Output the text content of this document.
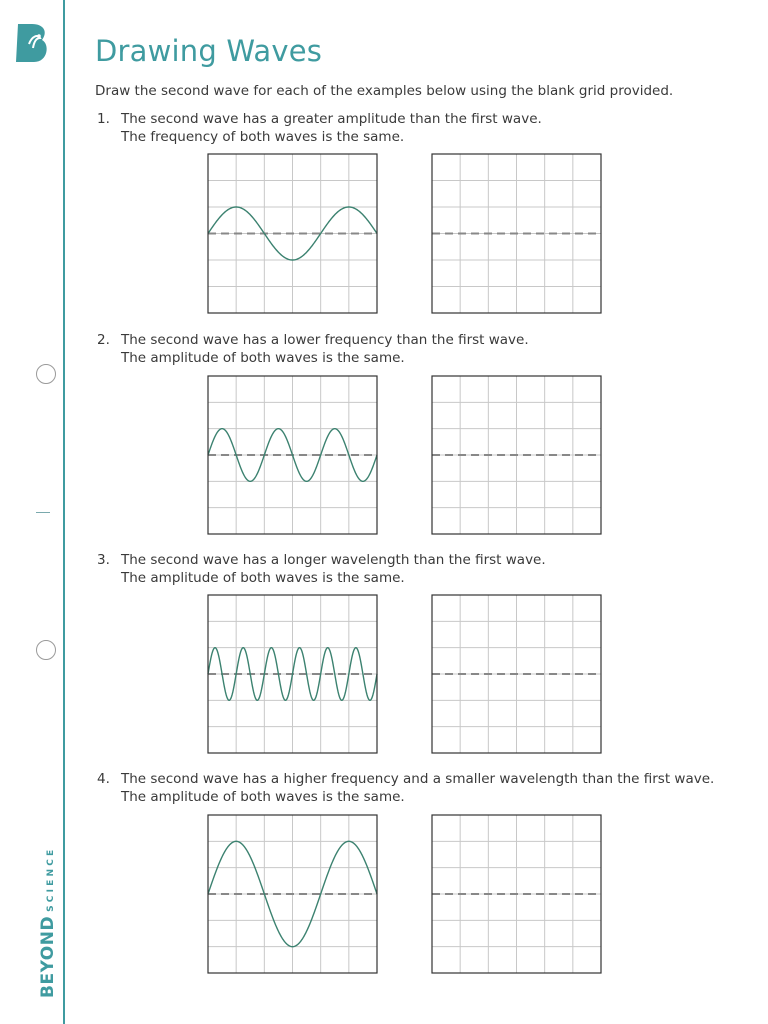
BEYONDSCIENCE
Drawing Waves

Draw the second wave for each of the examples below using the blank grid provided.

1. The second wave has a greater amplitude than the first wave.
The frequency of both waves is the same.
2. The second wave has a lower frequency than the first wave.
The amplitude of both waves is the same.
3. The second wave has a longer wavelength than the first wave.
The amplitude of both waves is the same.
4. The second wave has a higher frequency and a smaller wavelength than the first wave.
The amplitude of both waves is the same.
